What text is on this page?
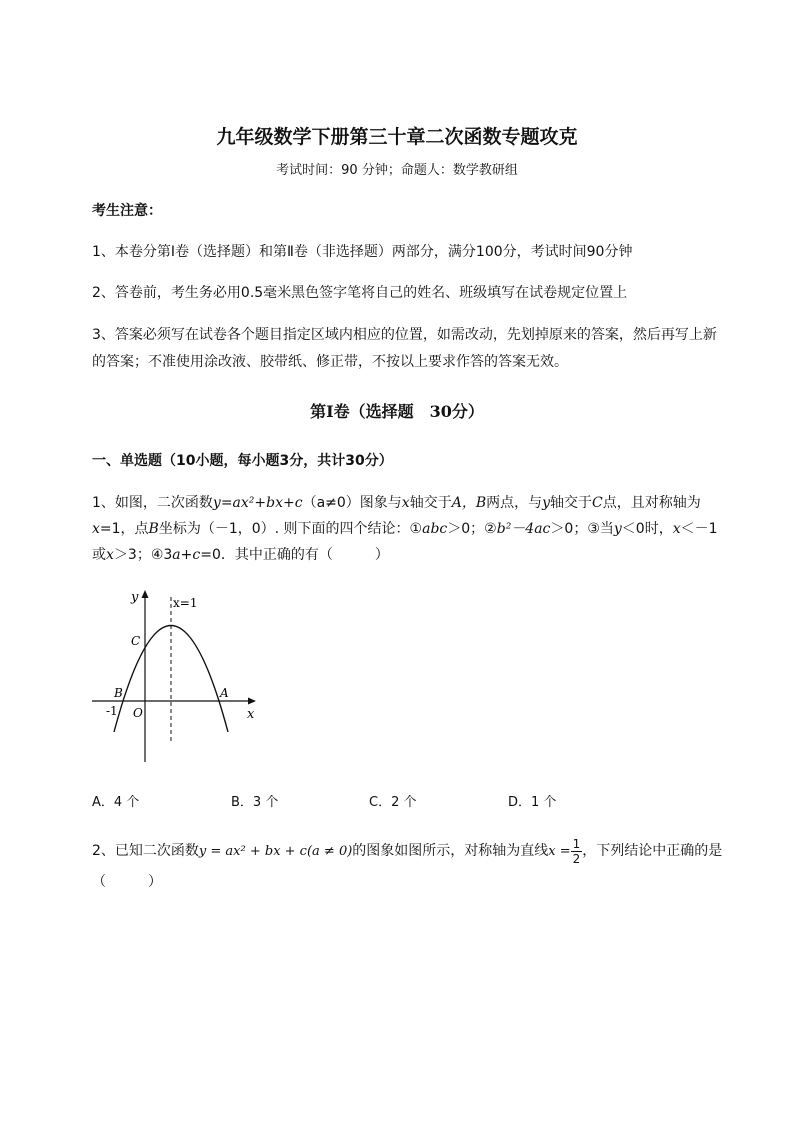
九年级数学下册第三十章二次函数专题攻克
考试时间：90 分钟；命题人：数学教研组
考生注意：
1、本卷分第Ⅰ卷（选择题）和第Ⅱ卷（非选择题）两部分，满分100分，考试时间90分钟
2、答卷前，考生务必用0.5毫米黑色签字笔将自己的姓名、班级填写在试卷规定位置上
3、答案必须写在试卷各个题目指定区域内相应的位置，如需改动，先划掉原来的答案，然后再写上新
的答案；不准使用涂改液、胶带纸、修正带，不按以上要求作答的答案无效。
第Ⅰ卷（选择题　30分）
一、单选题（10小题，每小题3分，共计30分）
1、如图，二次函数y=ax²+bx+c（a≠0）图象与x轴交于A，B两点，与y轴交于C点，且对称轴为
x=1，点B坐标为（－1，0）. 则下面的四个结论：①abc＞0；②b²－4ac＞0；③当y＜0时，x＜－1
或x＞3；④3a+c=0．其中正确的有（　　　）
y	x=1
C
B	A
O
-1	x
A．4 个	B．3 个	C．2 个	D．1 个
2、已知二次函数y = ax² + bx + c(a ≠ 0)的图象如图所示，对称轴为直线$x = \frac{1}{2}$ ，下列结论中正确的是
（　　　）
